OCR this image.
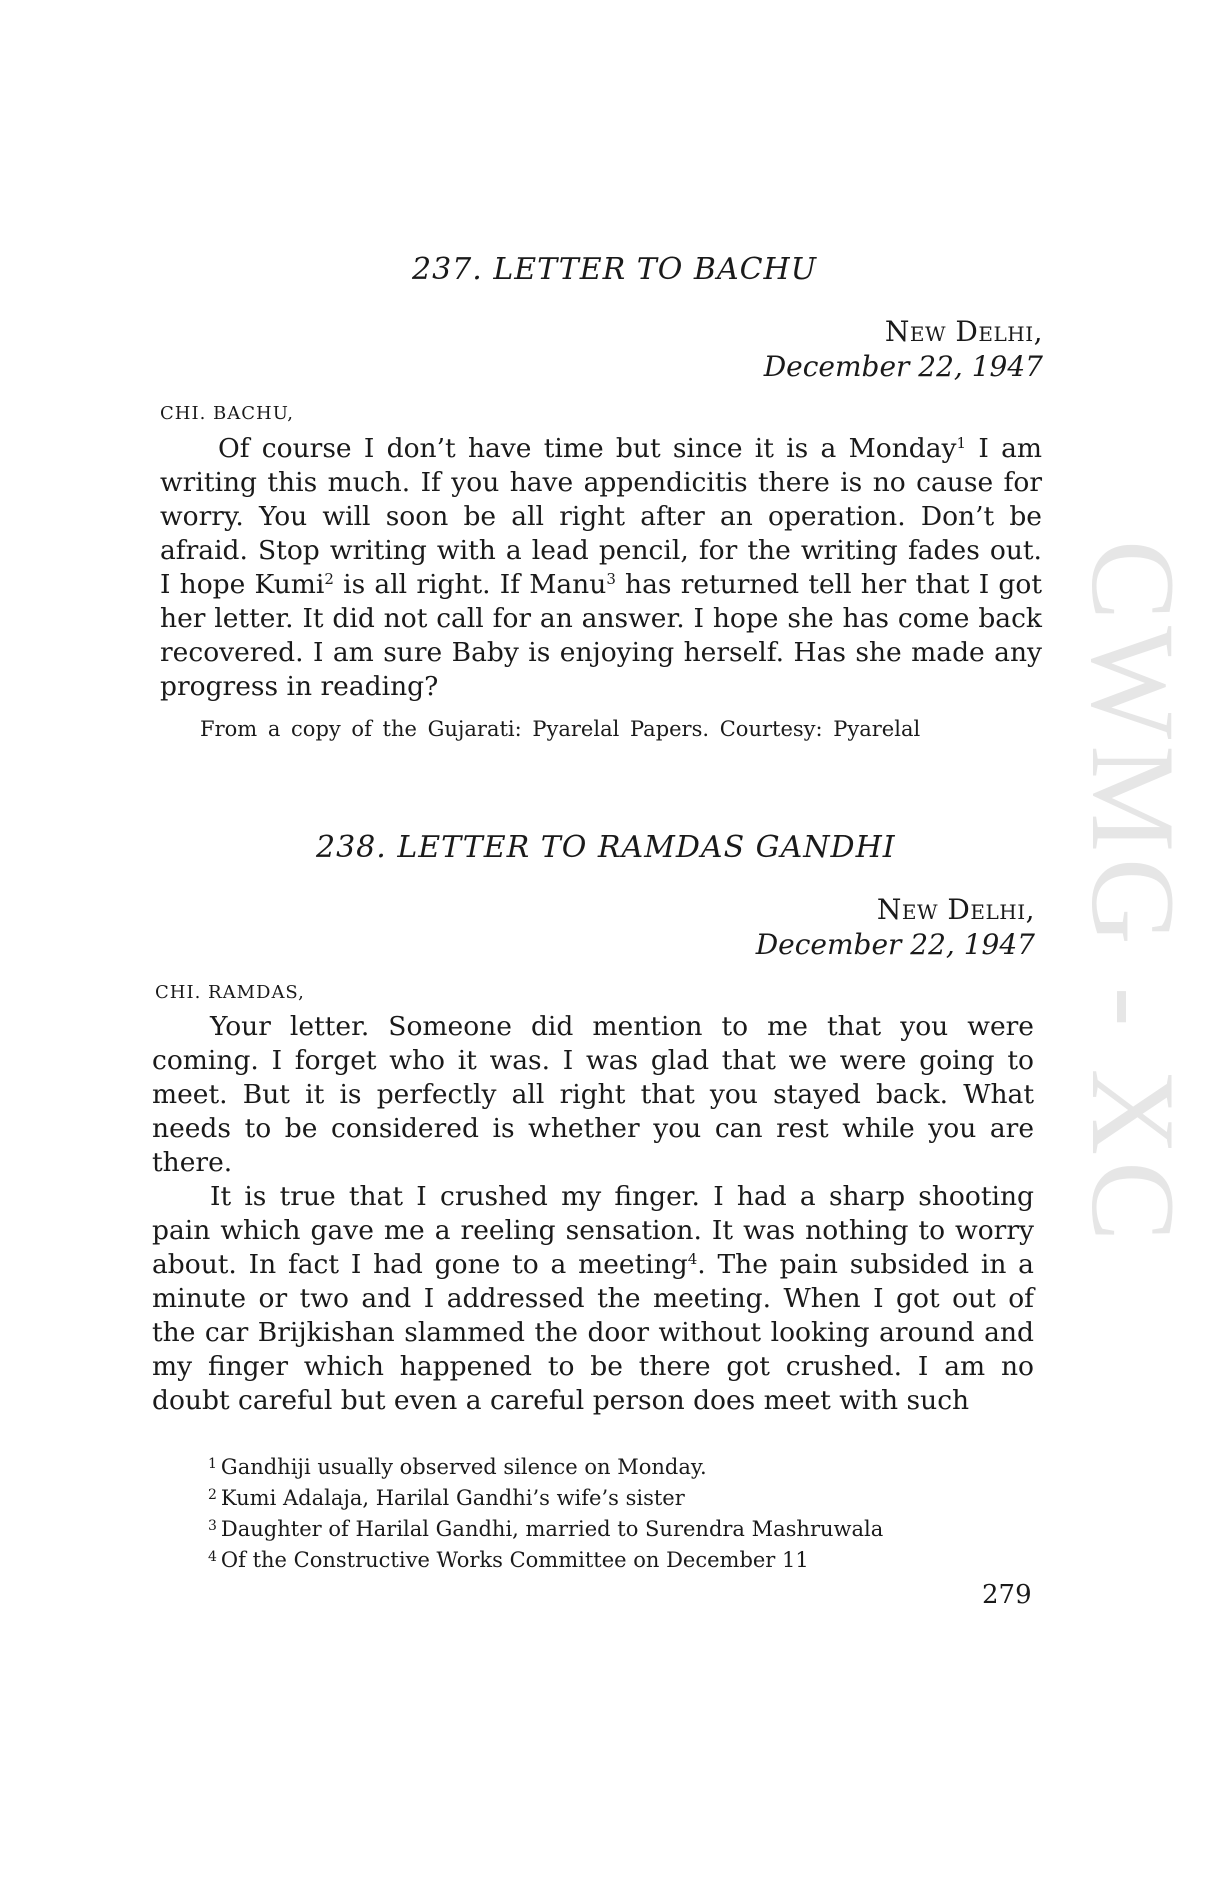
237. LETTER TO BACHU
New Delhi,
December 22, 1947
CHI. BACHU,

Of course I don’t have time but since it is a Monday$^1$ I am writing this much. If you have appendicitis there is no cause for worry. You will soon be all right after an operation. Don’t be afraid. Stop writing with a lead pencil, for the writing fades out. I hope Kumi$^2$ is all right. If Manu$^3$ has returned tell her that I got her letter. It did not call for an answer. I hope she has come back recovered. I am sure Baby is enjoying herself. Has she made any progress in reading?

From a copy of the Gujarati: Pyarelal Papers. Courtesy: Pyarelal
238. LETTER TO RAMDAS GANDHI
New Delhi,
December 22, 1947
CHI. RAMDAS,

Your letter. Someone did mention to me that you were coming. I forget who it was. I was glad that we were going to meet. But it is perfectly all right that you stayed back. What needs to be considered is whether you can rest while you are there.

It is true that I crushed my finger. I had a sharp shooting pain which gave me a reeling sensation. It was nothing to worry about. In fact I had gone to a meeting$^4$. The pain subsided in a minute or two and I addressed the meeting. When I got out of the car Brijkishan slammed the door without looking around and my finger which happened to be there got crushed. I am no doubt careful but even a careful person does meet with such

$^1$ Gandhiji usually observed silence on Monday.
$^2$ Kumi Adalaja, Harilal Gandhi’s wife’s sister
$^3$ Daughter of Harilal Gandhi, married to Surendra Mashruwala
$^4$ Of the Constructive Works Committee on December 11
279
CWMG - XC
